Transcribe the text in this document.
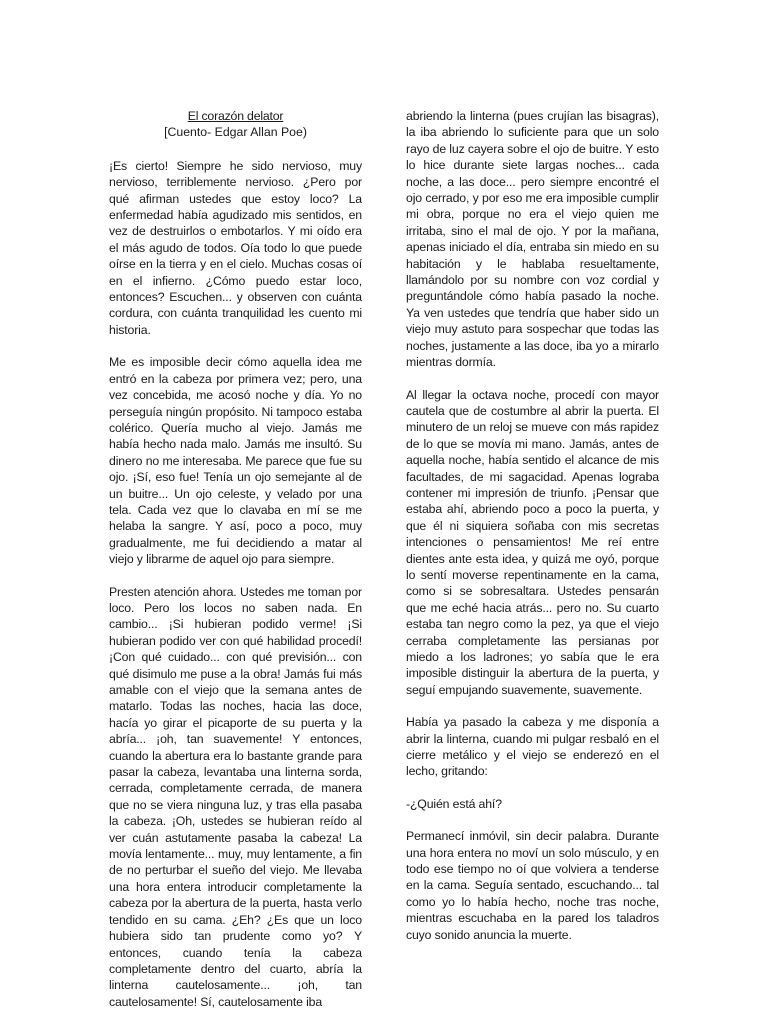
El corazón delator
[Cuento- Edgar Allan Poe)

¡Es cierto! Siempre he sido nervioso, muy nervioso, terriblemente nervioso. ¿Pero por qué afirman ustedes que estoy loco? La enfermedad había agudizado mis sentidos, en vez de destruirlos o embotarlos. Y mi oído era el más agudo de todos. Oía todo lo que puede oírse en la tierra y en el cielo. Muchas cosas oí en el infierno. ¿Cómo puedo estar loco, entonces? Escuchen... y observen con cuánta cordura, con cuánta tranquilidad les cuento mi historia.

Me es imposible decir cómo aquella idea me entró en la cabeza por primera vez; pero, una vez concebida, me acosó noche y día. Yo no perseguía ningún propósito. Ni tampoco estaba colérico. Quería mucho al viejo. Jamás me había hecho nada malo. Jamás me insultó. Su dinero no me interesaba. Me parece que fue su ojo. ¡Sí, eso fue! Tenía un ojo semejante al de un buitre... Un ojo celeste, y velado por una tela. Cada vez que lo clavaba en mí se me helaba la sangre. Y así, poco a poco, muy gradualmente, me fui decidiendo a matar al viejo y librarme de aquel ojo para siempre.

Presten atención ahora. Ustedes me toman por loco. Pero los locos no saben nada. En cambio... ¡Si hubieran podido verme! ¡Si hubieran podido ver con qué habilidad procedí! ¡Con qué cuidado... con qué previsión... con qué disimulo me puse a la obra! Jamás fui más amable con el viejo que la semana antes de matarlo. Todas las noches, hacia las doce, hacía yo girar el picaporte de su puerta y la abría... ¡oh, tan suavemente! Y entonces, cuando la abertura era lo bastante grande para pasar la cabeza, levantaba una linterna sorda, cerrada, completamente cerrada, de manera que no se viera ninguna luz, y tras ella pasaba la cabeza. ¡Oh, ustedes se hubieran reído al ver cuán astutamente pasaba la cabeza! La movía lentamente... muy, muy lentamente, a fin de no perturbar el sueño del viejo. Me llevaba una hora entera introducir completamente la cabeza por la abertura de la puerta, hasta verlo tendido en su cama. ¿Eh? ¿Es que un loco hubiera sido tan prudente como yo? Y entonces, cuando tenía la cabeza completamente dentro del cuarto, abría la linterna cautelosamente... ¡oh, tan cautelosamente! Sí, cautelosamente iba

abriendo la linterna (pues crujían las bisagras), la iba abriendo lo suficiente para que un solo rayo de luz cayera sobre el ojo de buitre. Y esto lo hice durante siete largas noches... cada noche, a las doce... pero siempre encontré el ojo cerrado, y por eso me era imposible cumplir mi obra, porque no era el viejo quien me irritaba, sino el mal de ojo. Y por la mañana, apenas iniciado el día, entraba sin miedo en su habitación y le hablaba resueltamente, llamándolo por su nombre con voz cordial y preguntándole cómo había pasado la noche. Ya ven ustedes que tendría que haber sido un viejo muy astuto para sospechar que todas las noches, justamente a las doce, iba yo a mirarlo mientras dormía.

Al llegar la octava noche, procedí con mayor cautela que de costumbre al abrir la puerta. El minutero de un reloj se mueve con más rapidez de lo que se movía mi mano. Jamás, antes de aquella noche, había sentido el alcance de mis facultades, de mi sagacidad. Apenas lograba contener mi impresión de triunfo. ¡Pensar que estaba ahí, abriendo poco a poco la puerta, y que él ni siquiera soñaba con mis secretas intenciones o pensamientos! Me reí entre dientes ante esta idea, y quizá me oyó, porque lo sentí moverse repentinamente en la cama, como si se sobresaltara. Ustedes pensarán que me eché hacia atrás... pero no. Su cuarto estaba tan negro como la pez, ya que el viejo cerraba completamente las persianas por miedo a los ladrones; yo sabía que le era imposible distinguir la abertura de la puerta, y seguí empujando suavemente, suavemente.

Había ya pasado la cabeza y me disponía a abrir la linterna, cuando mi pulgar resbaló en el cierre metálico y el viejo se enderezó en el lecho, gritando:

-¿Quién está ahí?

Permanecí inmóvil, sin decir palabra. Durante una hora entera no moví un solo músculo, y en todo ese tiempo no oí que volviera a tenderse en la cama. Seguía sentado, escuchando... tal como yo lo había hecho, noche tras noche, mientras escuchaba en la pared los taladros cuyo sonido anuncia la muerte.
